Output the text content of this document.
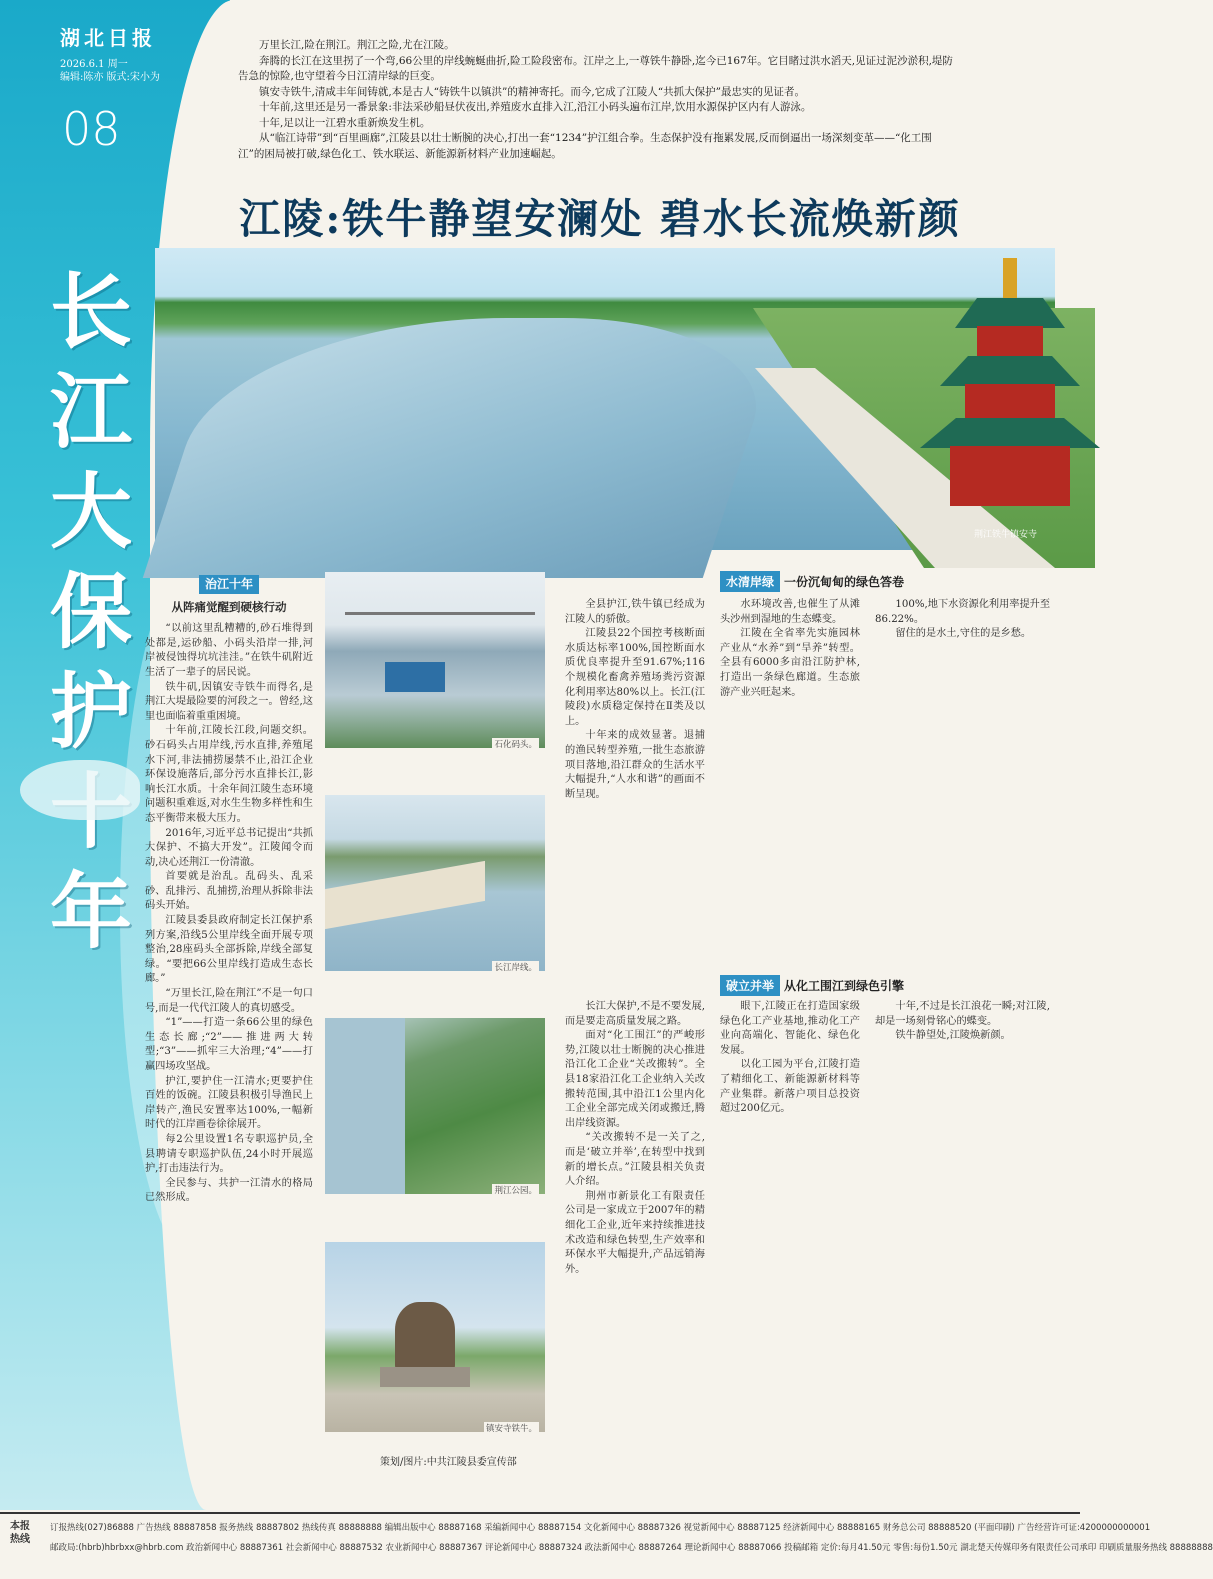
湖北日报
2026.6.1 周一
编辑:陈亦 版式:宋小为
08
长江大保护 年

万里长江,险在荆江。荆江之险,尤在江陵。

奔腾的长江在这里拐了一个弯,66公里的岸线蜿蜒曲折,险工险段密布。江岸之上,一尊铁牛静卧,迄今已167年。它目睹过洪水滔天,见证过泥沙淤积,堤防告急的惊险,也守望着今日江清岸绿的巨变。

镇安寺铁牛,清咸丰年间铸就,本是古人“铸铁牛以镇洪”的精神寄托。而今,它成了江陵人“共抓大保护”最忠实的见证者。

十年前,这里还是另一番景象:非法采砂船昼伏夜出,养殖废水直排入江,沿江小码头遍布江岸,饮用水源保护区内有人游泳。

十年,足以让一江碧水重新焕发生机。

从“临江诗带”到“百里画廊”,江陵县以壮士断腕的决心,打出一套“1234”护江组合拳。生态保护没有拖累发展,反而倒逼出一场深刻变革——“化工围江”的困局被打破,绿色化工、铁水联运、新能源新材料产业加速崛起。

江陵:铁牛静望安澜处 碧水长流焕新颜
荆江铁牛镇安寺
治江十年
从阵痛觉醒到硬核行动

“以前这里乱糟糟的,砂石堆得到处都是,运砂船、小码头沿岸一排,河岸被侵蚀得坑坑洼洼。”在铁牛矶附近生活了一辈子的居民说。

铁牛矶,因镇安寺铁牛而得名,是荆江大堤最险要的河段之一。曾经,这里也面临着重重困境。

十年前,江陵长江段,问题交织。砂石码头占用岸线,污水直排,养殖尾水下河,非法捕捞屡禁不止,沿江企业环保设施落后,部分污水直排长江,影响长江水质。十余年间江陵生态环境问题积重难返,对水生生物多样性和生态平衡带来极大压力。

2016年,习近平总书记提出“共抓大保护、不搞大开发”。江陵闻令而动,决心还荆江一份清澈。

首要就是治乱。乱码头、乱采砂、乱排污、乱捕捞,治理从拆除非法码头开始。

江陵县委县政府制定长江保护系列方案,沿线5公里岸线全面开展专项整治,28座码头全部拆除,岸线全部复绿。“要把66公里岸线打造成生态长廊。”

“万里长江,险在荆江”不是一句口号,而是一代代江陵人的真切感受。

“1”——打造一条66公里的绿色生态长廊;“2”——推进两大转型;“3”——抓牢三大治理;“4”——打赢四场攻坚战。

护江,要护住一江清水;更要护住百姓的饭碗。江陵县积极引导渔民上岸转产,渔民安置率达100%,一幅新时代的江岸画卷徐徐展开。

每2公里设置1名专职巡护员,全县聘请专职巡护队伍,24小时开展巡护,打击违法行为。

全民参与、共护一江清水的格局已然形成。

石化码头。
长江岸线。
荆江公园。
镇安寺铁牛。
水清岸绿 一份沉甸甸的绿色答卷

全县护江,铁牛镇已经成为江陵人的骄傲。

江陵县22个国控考核断面水质达标率100%,国控断面水质优良率提升至91.67%;116个规模化畜禽养殖场粪污资源化利用率达80%以上。长江(江陵段)水质稳定保持在Ⅱ类及以上。

十年来的成效显著。退捕的渔民转型养殖,一批生态旅游项目落地,沿江群众的生活水平大幅提升,“人水和谐”的画面不断呈现。

水环境改善,也催生了从滩头沙州到湿地的生态蝶变。

江陵在全省率先实施园林产业从“水养”到“旱养”转型。全县有6000多亩沿江防护林,打造出一条绿色廊道。生态旅游产业兴旺起来。

100%,地下水资源化利用率提升至86.22%。

留住的是水土,守住的是乡愁。

破立并举 从化工围江到绿色引擎

长江大保护,不是不要发展,而是要走高质量发展之路。

面对“化工围江”的严峻形势,江陵以壮士断腕的决心推进沿江化工企业“关改搬转”。全县18家沿江化工企业纳入关改搬转范围,其中沿江1公里内化工企业全部完成关闭或搬迁,腾出岸线资源。

“关改搬转不是一关了之,而是‘破立并举’,在转型中找到新的增长点。”江陵县相关负责人介绍。

荆州市新景化工有限责任公司是一家成立于2007年的精细化工企业,近年来持续推进技术改造和绿色转型,生产效率和环保水平大幅提升,产品远销海外。

眼下,江陵正在打造国家级绿色化工产业基地,推动化工产业向高端化、智能化、绿色化发展。

以化工园为平台,江陵打造了精细化工、新能源新材料等产业集群。新落户项目总投资超过200亿元。

十年,不过是长江浪花一瞬;对江陵,却是一场刻骨铭心的蝶变。

铁牛静望处,江陵焕新颜。

策划/图片:中共江陵县委宣传部
本报 热线
订报热线(027)86888 广告热线 88887858 报务热线 88887802 热线传真 88888888 编辑出版中心 88887168 采编新闻中心 88887154 文化新闻中心 88887326 视觉新闻中心 88887125 经济新闻中心 88888165 财务总公司 88888520 (平面印刷) 广告经营许可证:4200000000001
邮政局:(hbrb)hbrbxx@hbrb.com 政治新闻中心 88887361 社会新闻中心 88887532 农业新闻中心 88887367 评论新闻中心 88887324 政法新闻中心 88887264 理论新闻中心 88887066 投稿邮箱 定价:每月41.50元 零售:每份1.50元 湖北楚天传媒印务有限责任公司承印 印刷质量服务热线 88888888
